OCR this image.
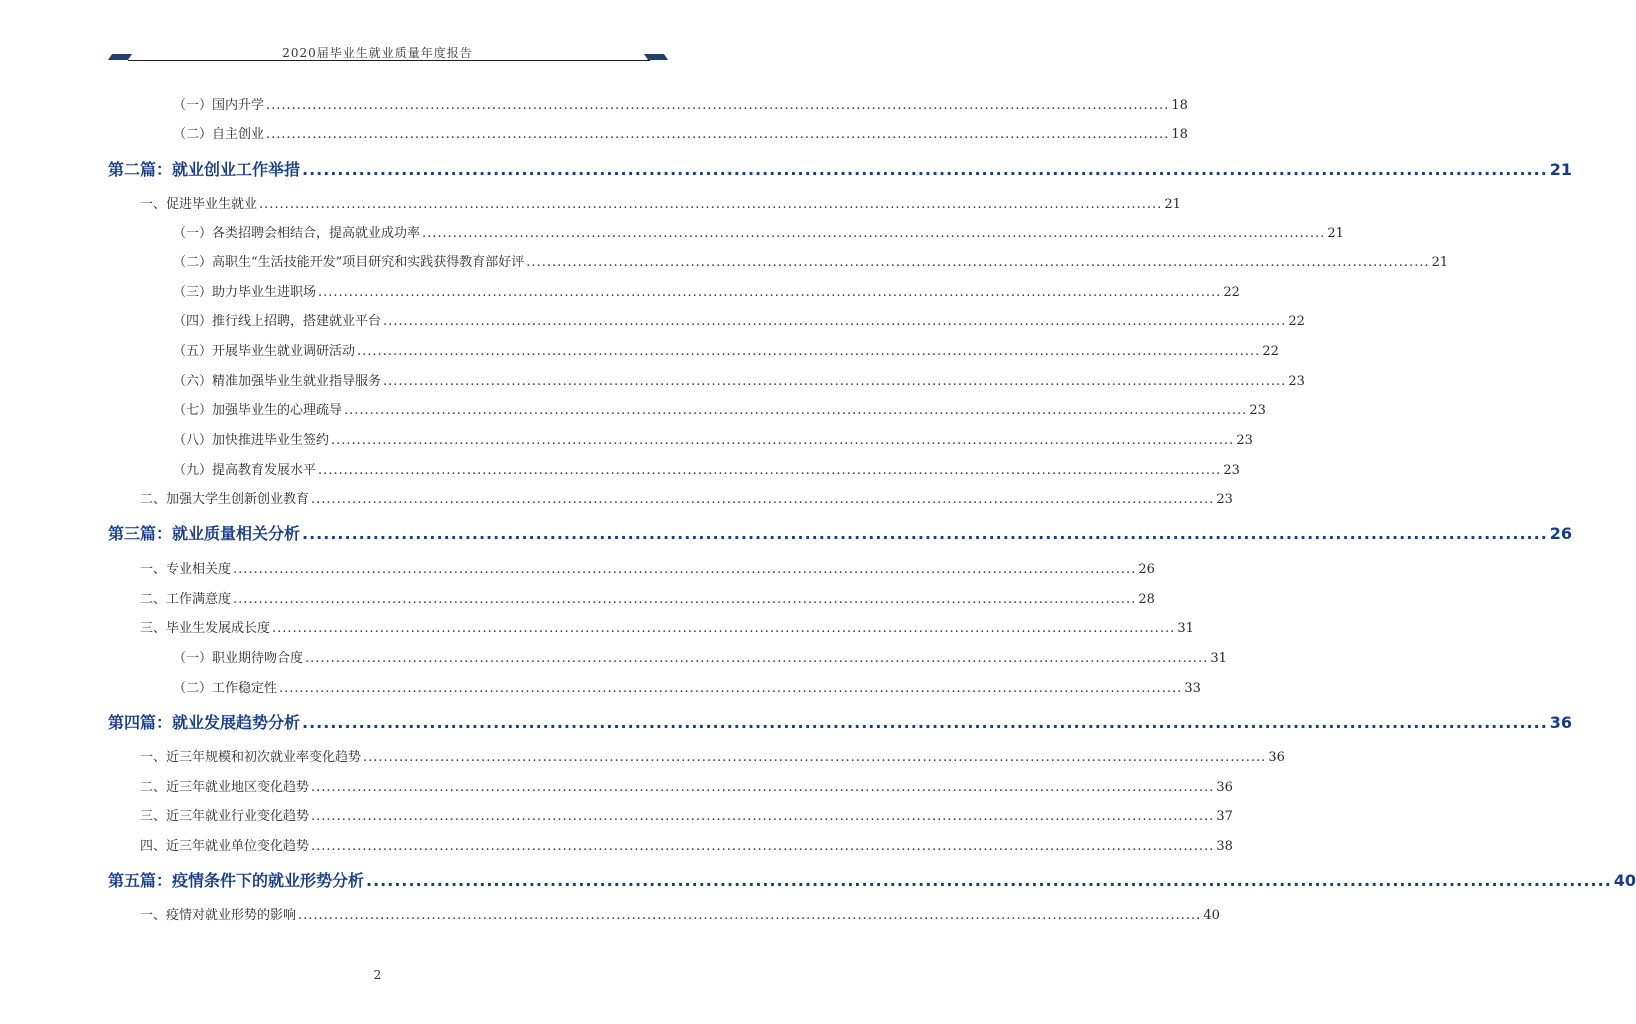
2020届毕业生就业质量年度报告
（一）国内升学 ................................................................................................................................................................................ 18
（二）自主创业 ................................................................................................................................................................................ 18
第二篇：就业创业工作举措 ................................................................................................................................................................................ 21
一、促进毕业生就业 ................................................................................................................................................................................ 21
（一）各类招聘会相结合，提高就业成功率 ................................................................................................................................................................................ 21
（二）高职生“生活技能开发”项目研究和实践获得教育部好评 ................................................................................................................................................................................ 21
（三）助力毕业生进职场 ................................................................................................................................................................................ 22
（四）推行线上招聘，搭建就业平台 ................................................................................................................................................................................ 22
（五）开展毕业生就业调研活动 ................................................................................................................................................................................ 22
（六）精准加强毕业生就业指导服务 ................................................................................................................................................................................ 23
（七）加强毕业生的心理疏导 ................................................................................................................................................................................ 23
（八）加快推进毕业生签约 ................................................................................................................................................................................ 23
（九）提高教育发展水平 ................................................................................................................................................................................ 23
二、加强大学生创新创业教育 ................................................................................................................................................................................ 23
第三篇：就业质量相关分析 ................................................................................................................................................................................ 26
一、专业相关度 ................................................................................................................................................................................ 26
二、工作满意度 ................................................................................................................................................................................ 28
三、毕业生发展成长度 ................................................................................................................................................................................ 31
（一）职业期待吻合度 ................................................................................................................................................................................ 31
（二）工作稳定性 ................................................................................................................................................................................ 33
第四篇：就业发展趋势分析 ................................................................................................................................................................................ 36
一、近三年规模和初次就业率变化趋势 ................................................................................................................................................................................ 36
二、近三年就业地区变化趋势 ................................................................................................................................................................................ 36
三、近三年就业行业变化趋势 ................................................................................................................................................................................ 37
四、近三年就业单位变化趋势 ................................................................................................................................................................................ 38
第五篇：疫情条件下的就业形势分析 ................................................................................................................................................................................ 40
一、疫情对就业形势的影响 ................................................................................................................................................................................ 40
2
